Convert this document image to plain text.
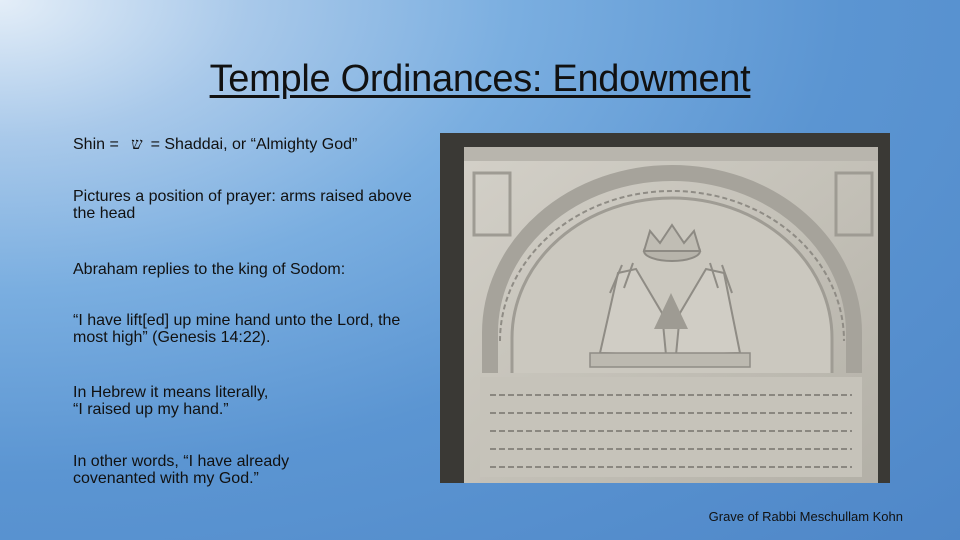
Temple Ordinances: Endowment
Shin = ש = Shaddai, or “Almighty God”
Pictures a position of prayer: arms raised above the head
Abraham replies to the king of Sodom:
“I have lift[ed] up mine hand unto the Lord, the most high” (Genesis 14:22).
In Hebrew it means literally,
“I raised up my hand.”
In other words, “I have already
covenanted with my God.”
Grave of Rabbi Meschullam Kohn
